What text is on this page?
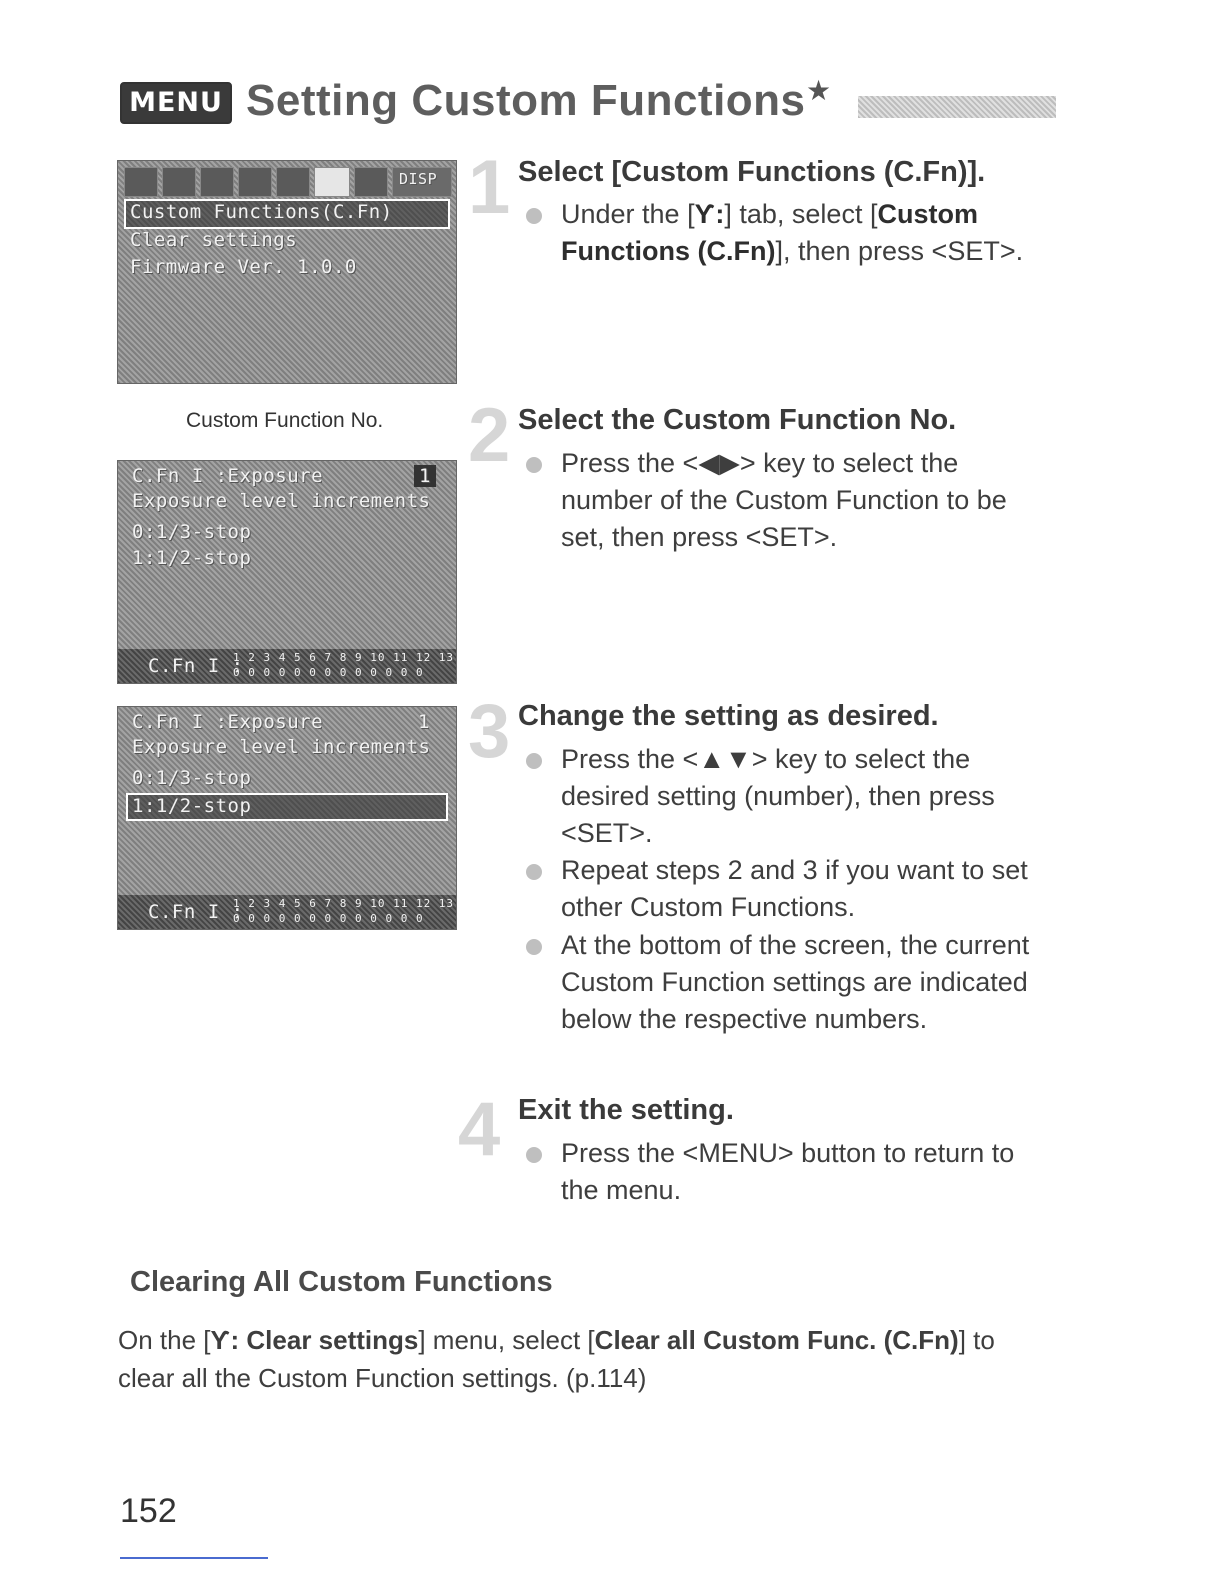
MENU Setting Custom Functions ★
DISP
Custom Functions(C.Fn)
Clear settings
Firmware Ver. 1.0.0
Custom Function No.
C.Fn I :Exposure	1
Exposure level increments
0:1/3-stop
1:1/2-stop
C.Fn I :
1 2 3 4 5 6 7 8 9 10 11 12 13
0 0 0 0 0 0 0 0 0 0 0 0 0
C.Fn I :Exposure	1
Exposure level increments
0:1/3-stop
1:1/2-stop
C.Fn I :
1 2 3 4 5 6 7 8 9 10 11 12 13
0 0 0 0 0 0 0 0 0 0 0 0 0
1 Select [Custom Functions (C.Fn)].
Under the [Ƴ:] tab, select [Custom Functions (C.Fn)], then press <SET>.
2 Select the Custom Function No.
Press the <◀▶> key to select the number of the Custom Function to be set, then press <SET>.
3 Change the setting as desired.
Press the <▲▼> key to select the desired setting (number), then press <SET>.
Repeat steps 2 and 3 if you want to set other Custom Functions.
At the bottom of the screen, the current Custom Function settings are indicated below the respective numbers.
4 Exit the setting.
Press the <MENU> button to return to the menu.
Clearing All Custom Functions
On the [Ƴ: Clear settings] menu, select [Clear all Custom Func. (C.Fn)] to clear all the Custom Function settings. (p.114)
152
